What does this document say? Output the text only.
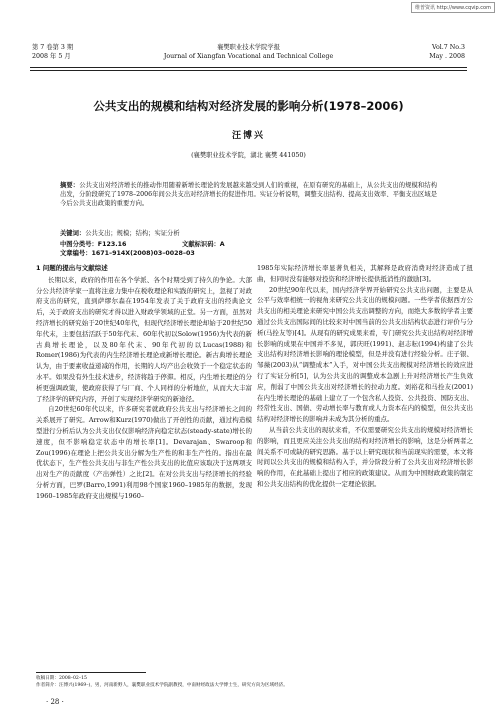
维普资讯 http://www.cqvip.com
第 7 卷第 3 期
2008 年 5 月
襄樊职业技术学院学报
Journal of Xiangfan Vocational and Technical College
Vol.7 No.3
May . 2008
公共支出的规模和结构对经济发展的影响分析(1978–2006)
汪博兴
(襄樊职业技术学院，湖北 襄樊 441050)
摘要：公共支出对经济增长的推动作用随着新增长理论的发展越来越受到人们的重视，在原有研究的基础上，从公共支出的规模和结构出发，分阶段研究了1978–2006年间公共支出对经济增长的促进作用。实证分析说明，调整支出结构、提高支出效率、平衡支出区域是今后公共支出政策的重要方向。
关键词：公共支出；规模；结构；实证分析
中图分类号：F123.16	文献标识码：A 文章编号：1671–914X(2008)03–0028–03
1 问题的提出与文献综述

长期以来，政府的作用在各个学派、各个时期受到了持久的争论。大部分公共经济学家一直将注意力集中在税收理论和实践的研究上，忽视了对政府支出的研究，直到萨缪尔森在1954年发表了关于政府支出的经典论文后，关于政府支出的研究才得以进入财政学领域的正堂。另一方面，虽然对经济增长的研究始于20世纪40年代，但现代经济增长理论却始于20世纪50年代末，主要包括活跃于50年代末、60年代初以Solow(1956)为代表的新古典增长理论，以及80年代末、90年代初的以Lucas(1988)和Romer(1986)为代表的内生经济增长理论或新增长理论。新古典增长理论认为，由于要素收益递减的作用，长期的人均产出会收敛于一个稳定状态的水平。如果没有外生技术进步，经济将趋于停滞。相反，内生增长理论的分析更强调政策，使政府获得了与厂商、个人同样的分析地位，从而大大丰富了经济学的研究内容，开创了实现经济学研究的新途径。

自20世纪60年代以来，许多研究者就政府公共支出与经济增长之间的关系展开了研究。Arrow和Kurz(1970)做出了开创性的贡献，通过构造模型进行分析后认为公共支出仅仅影响经济向稳定状态(steady-state)增长的速度，但不影响稳定状态中的增长率[1]。Devarajan、Swaroop和Zou(1996)在理论上把公共支出分解为生产性的和非生产性的。指出在最优状态下，生产性公共支出与非生产性公共支出的比值应该取决于这两项支出对生产的贡献度（产出弹性）之比[2]。在对公共支出与经济增长的经验分析方面，巴罗(Barro,1991)利用98个国家1960–1985年的数据，发现1960–1985年政府支出规模与1960–

1985年实际经济增长率显著负相关，其解释是政府消费对经济造成了扭曲，但同时没有能够对投资和经济增长提供抵消性的激励[3]。

20世纪90年代以来，国内经济学界开始研究公共支出问题，主要是从公平与效率相统一的视角来研究公共支出的规模问题。一些学者依据西方公共支出的相关理论来研究中国公共支出调整的方向，而绝大多数的学者主要通过公共支出国际间的比较来对中国当前的公共支出结构状态进行评价与分析(马拴友等)[4]。从现有的研究成果来看，专门研究公共支出结构对经济增长影响的成果在中国并不多见，郭庆旺(1991)、赵志耘(1994)构建了公共支出结构对经济增长影响的理论模型，但是并没有进行经验分析。庄子银、邹薇(2003)从“调整成本”入手，对中国公共支出规模对经济增长的效应进行了实证分析[5]，认为公共支出的调整成本急剧上升对经济增长产生负效应，削弱了中国公共支出对经济增长的拉动力度。刘裕花和马拴友(2001)在内生增长理论的基础上建立了一个包含私人投资、公共投资、国防支出、经常性支出、国债、劳动增长率与教育或人力资本在内的模型，但公共支出结构对经济增长的影响并未成为其分析的重点。

从当前公共支出的现状来看，不仅需要研究公共支出的规模对经济增长的影响，而且更应关注公共支出的结构对经济增长的影响，这是分析两者之间关系不可或缺的研究思路。基于以上研究现状和当前现实的需要，本文将时间以公共支出的规模和结构入手，并分阶段分析了公共支出对经济增长影响的作用，在此基础上提出了相应的政策建议。从而为中国财政政策的制定和公共支出结构的优化提供一定理论依据。

收稿日期：2008–02–15
作者简介：汪博兴(1969–)，男，河南新野人，襄樊职业技术学院副教授，中南财经政法大学博士生，研究方向为区域经济。
· 28 ·
